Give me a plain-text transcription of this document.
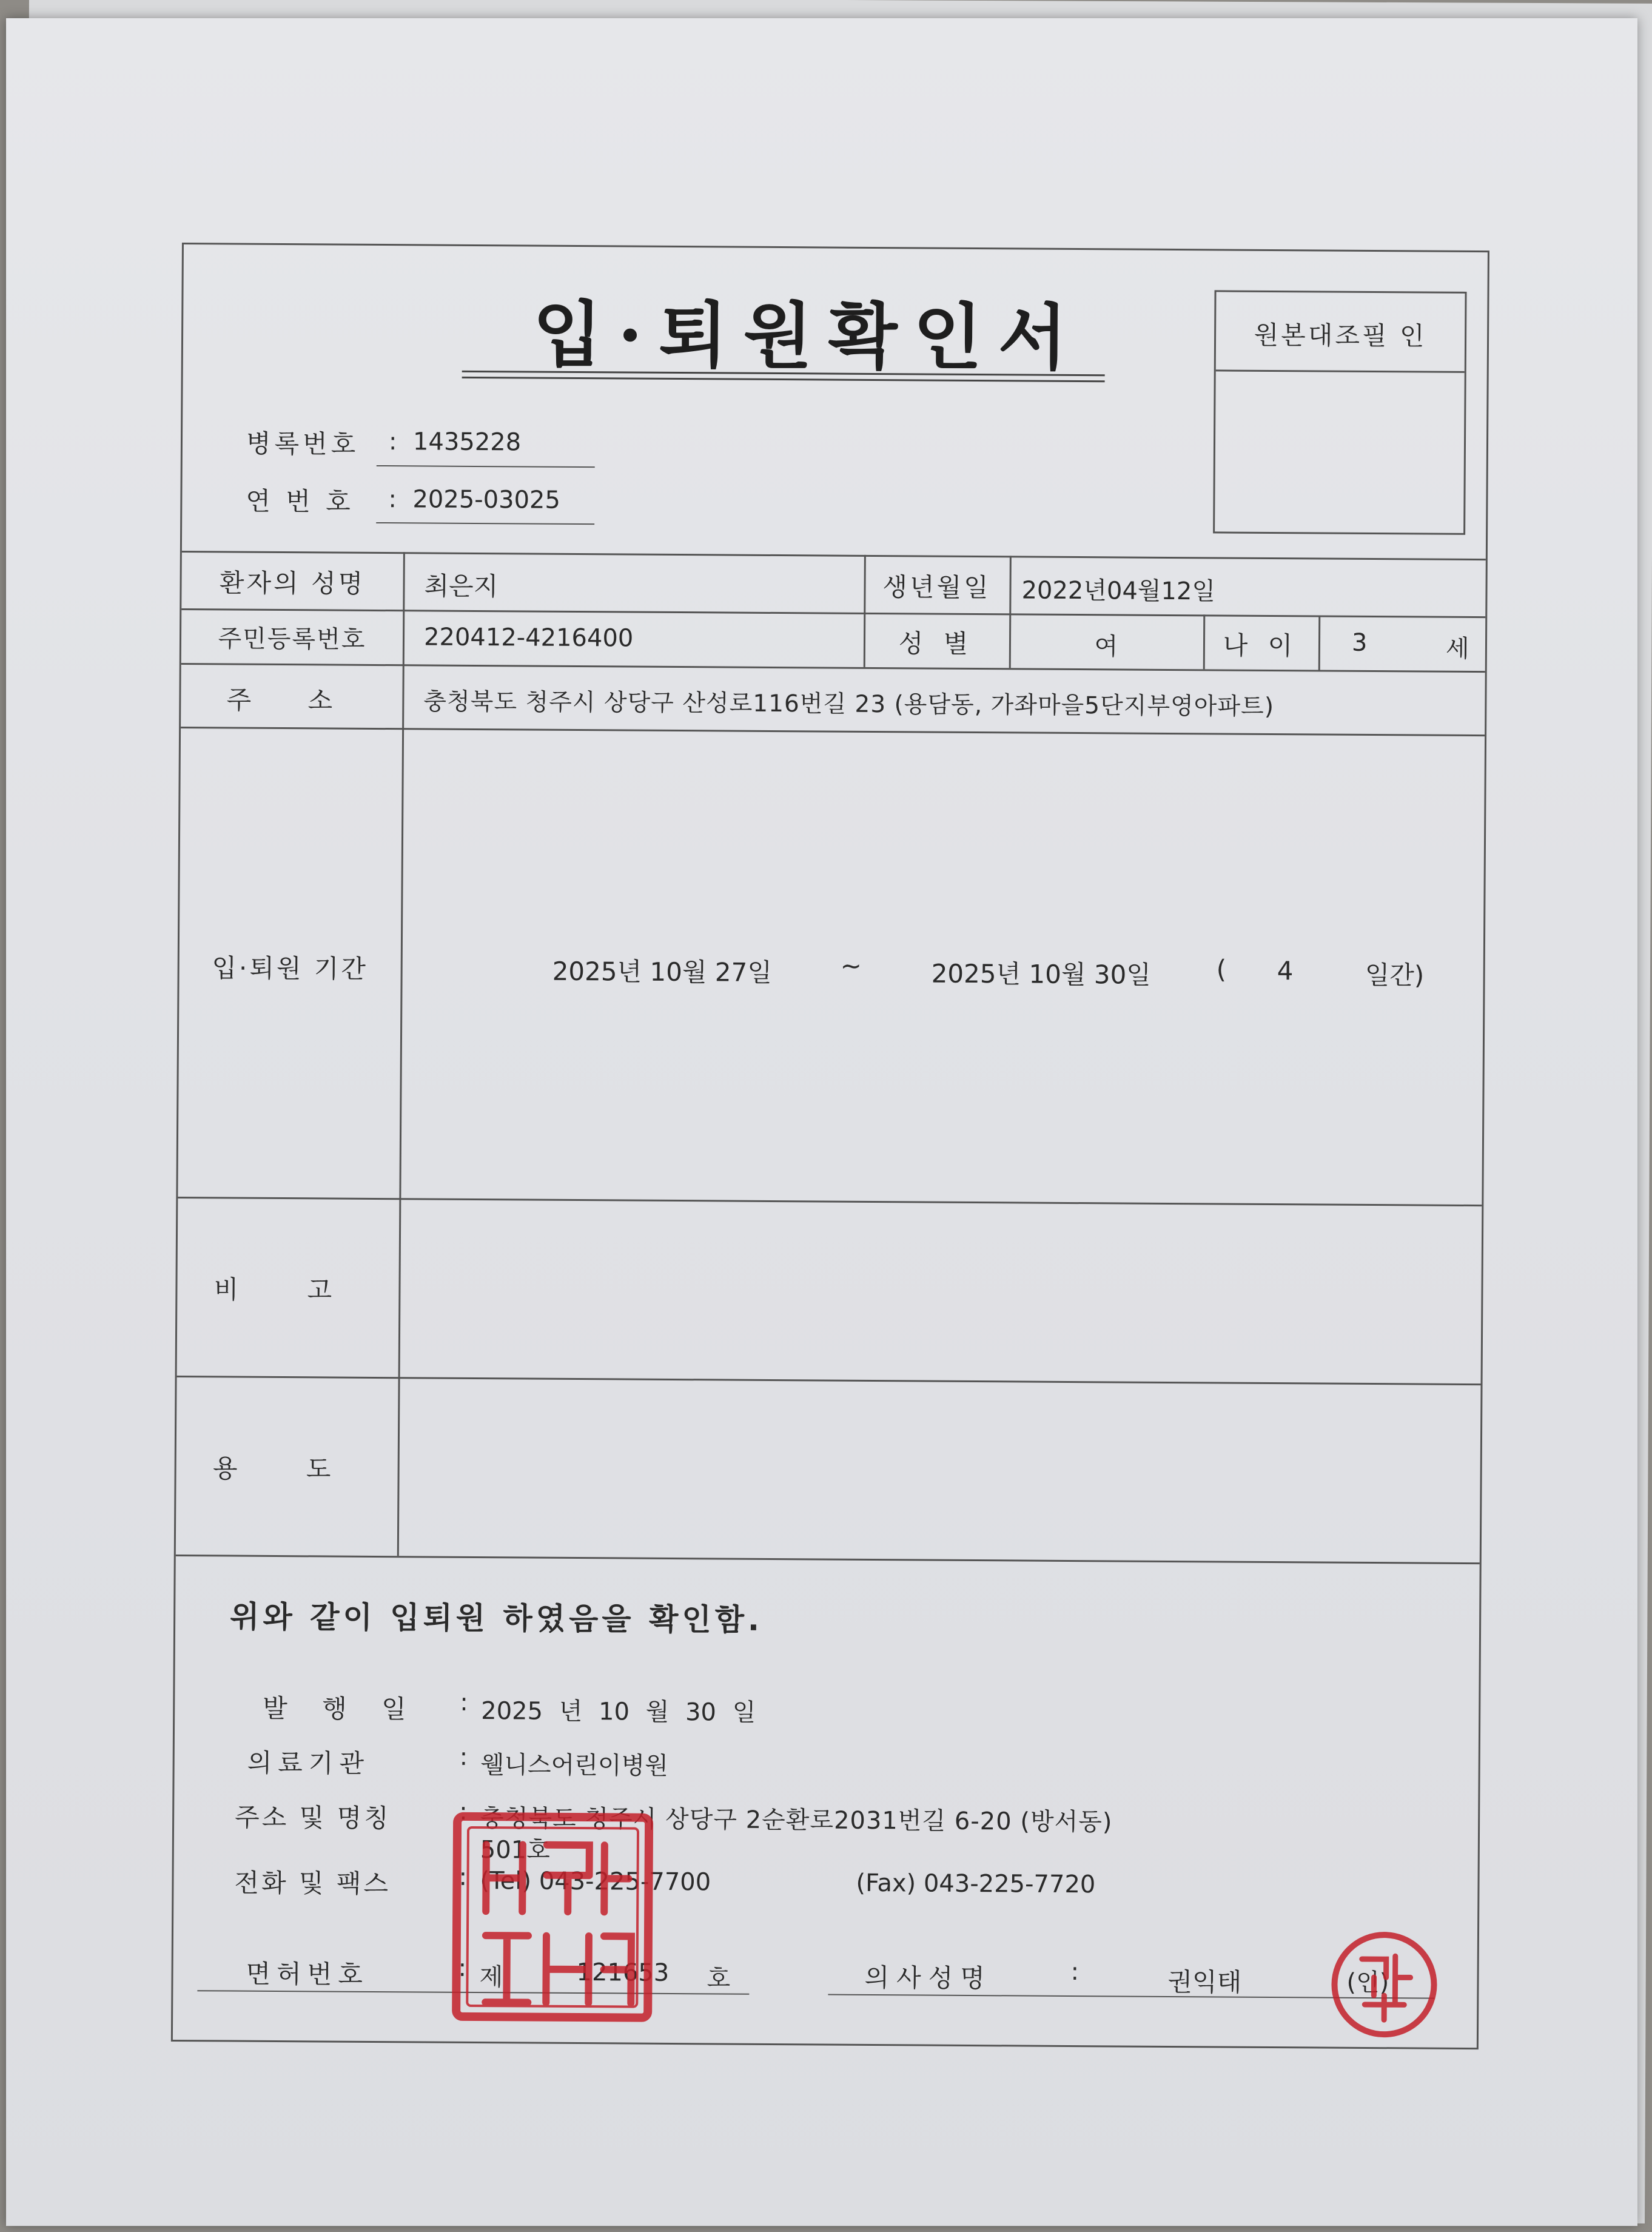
입·퇴원확인서	원본대조필 인
병록번호 : 1435228
연 번 호 : 2025-03025
환자의 성명	최은지	생년월일	2022년04월12일
주민등록번호	220412-4216400	성 별	여	나 이	3	세
주 소	충청북도 청주시 상당구 산성로116번길 23 (용담동, 가좌마을5단지부영아파트)
입·퇴원 기간	2025년 10월 27일	~	2025년 10월 30일	( 4	일간)
비 고
용 도
위와 같이 입퇴원 하였음을 확인함.
발 행 일 : 2025 년 10 월 30 일
의료기관	: 웰니스어린이병원
주소 및 명칭	: 충청북도 청주시 상당구 2순환로2031번길 6-20 (방서동)
501호
전화 및 팩스	: (Tel) 043-225-7700	(Fax) 043-225-7720
면허번호	: 제	121653 호	의사성명	:	권익태	(인)
